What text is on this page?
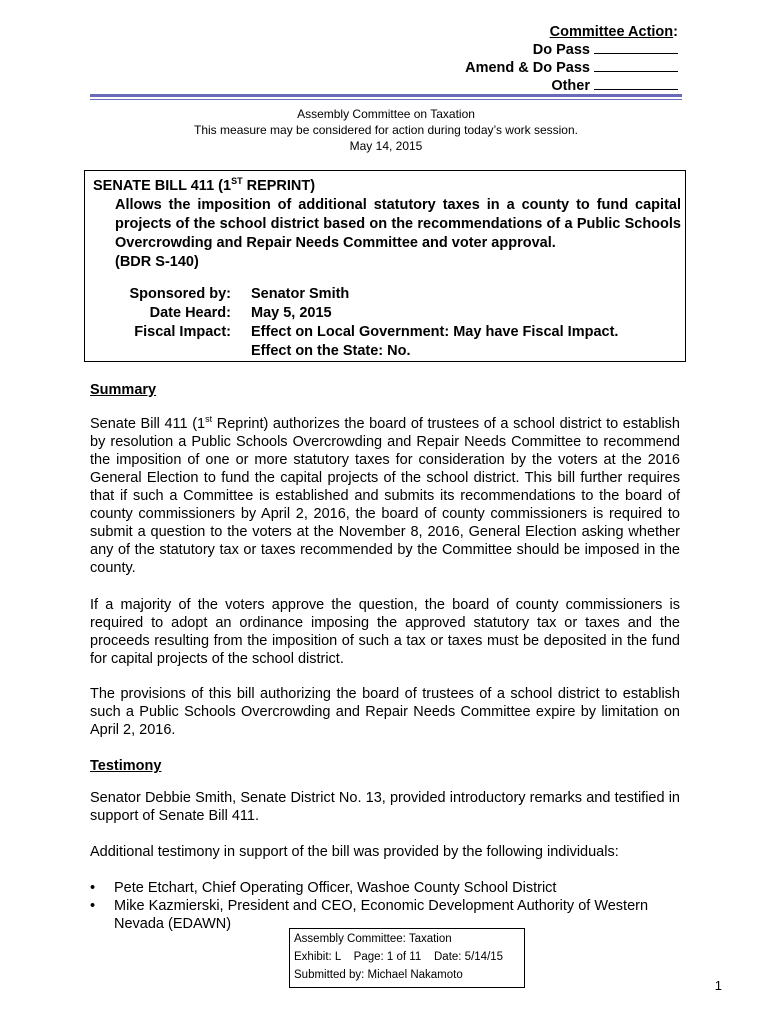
Committee Action:
Do Pass
Amend & Do Pass
Other
Assembly Committee on Taxation
This measure may be considered for action during today’s work session.
May 14, 2015
SENATE BILL 411 (1ST REPRINT)
Allows the imposition of additional statutory taxes in a county to fund capital projects of the school district based on the recommendations of a Public Schools Overcrowding and Repair Needs Committee and voter approval.
(BDR S-140)
Sponsored by: Senator Smith
Date Heard: May 5, 2015
Fiscal Impact: Effect on Local Government: May have Fiscal Impact.
Effect on the State: No.
Summary
Senate Bill 411 (1st Reprint) authorizes the board of trustees of a school district to establish by resolution a Public Schools Overcrowding and Repair Needs Committee to recommend the imposition of one or more statutory taxes for consideration by the voters at the 2016 General Election to fund the capital projects of the school district. This bill further requires that if such a Committee is established and submits its recommendations to the board of county commissioners by April 2, 2016, the board of county commissioners is required to submit a question to the voters at the November 8, 2016, General Election asking whether any of the statutory tax or taxes recommended by the Committee should be imposed in the county.
If a majority of the voters approve the question, the board of county commissioners is required to adopt an ordinance imposing the approved statutory tax or taxes and the proceeds resulting from the imposition of such a tax or taxes must be deposited in the fund for capital projects of the school district.
The provisions of this bill authorizing the board of trustees of a school district to establish such a Public Schools Overcrowding and Repair Needs Committee expire by limitation on April 2, 2016.
Testimony
Senator Debbie Smith, Senate District No. 13, provided introductory remarks and testified in support of Senate Bill 411.
Additional testimony in support of the bill was provided by the following individuals:
• Pete Etchart, Chief Operating Officer, Washoe County School District
• Mike Kazmierski, President and CEO, Economic Development Authority of Western Nevada (EDAWN)
Assembly Committee: Taxation
Exhibit: L    Page: 1 of 11    Date: 5/14/15
Submitted by: Michael Nakamoto
1
